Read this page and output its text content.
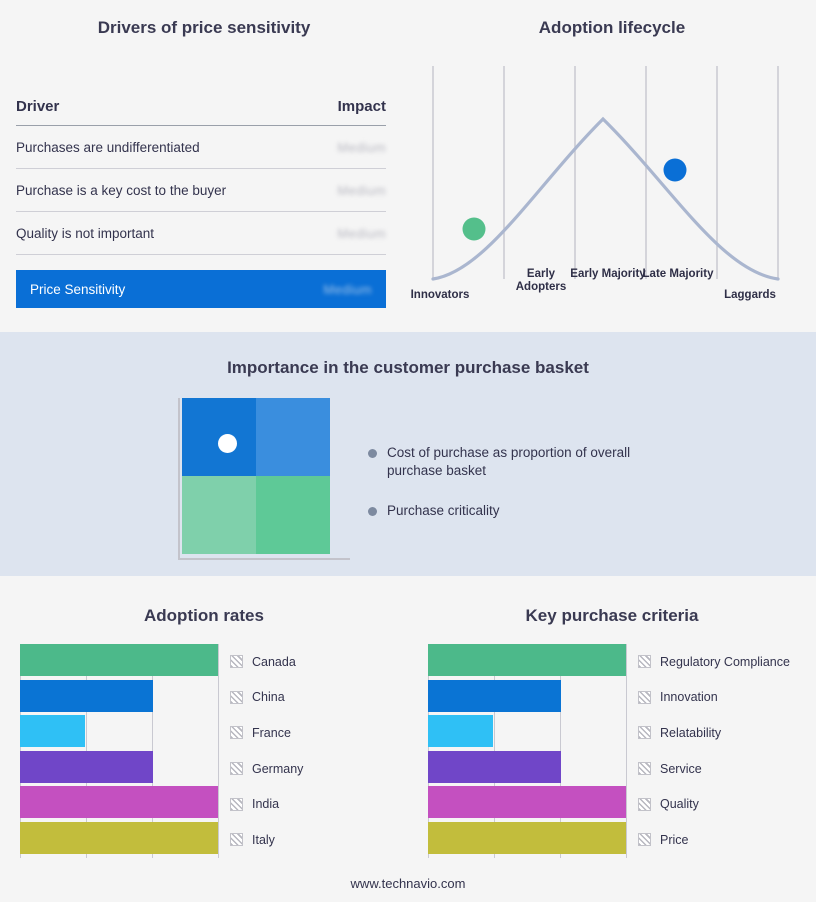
Drivers of price sensitivity
Driver	Impact
Purchases are undifferentiated	Medium
Purchase is a key cost to the buyer	Medium
Quality is not important	Medium
Price Sensitivity	Medium
Adoption lifecycle
Innovators
Early Adopters
Early Majority
Late Majority
Laggards
Importance in the customer purchase basket
Cost of purchase as proportion of overall purchase basket
Purchase criticality
Adoption rates
Canada
China
France
Germany
India
Italy
Key purchase criteria
Regulatory Compliance
Innovation
Relatability
Service
Quality
Price
www.technavio.com
